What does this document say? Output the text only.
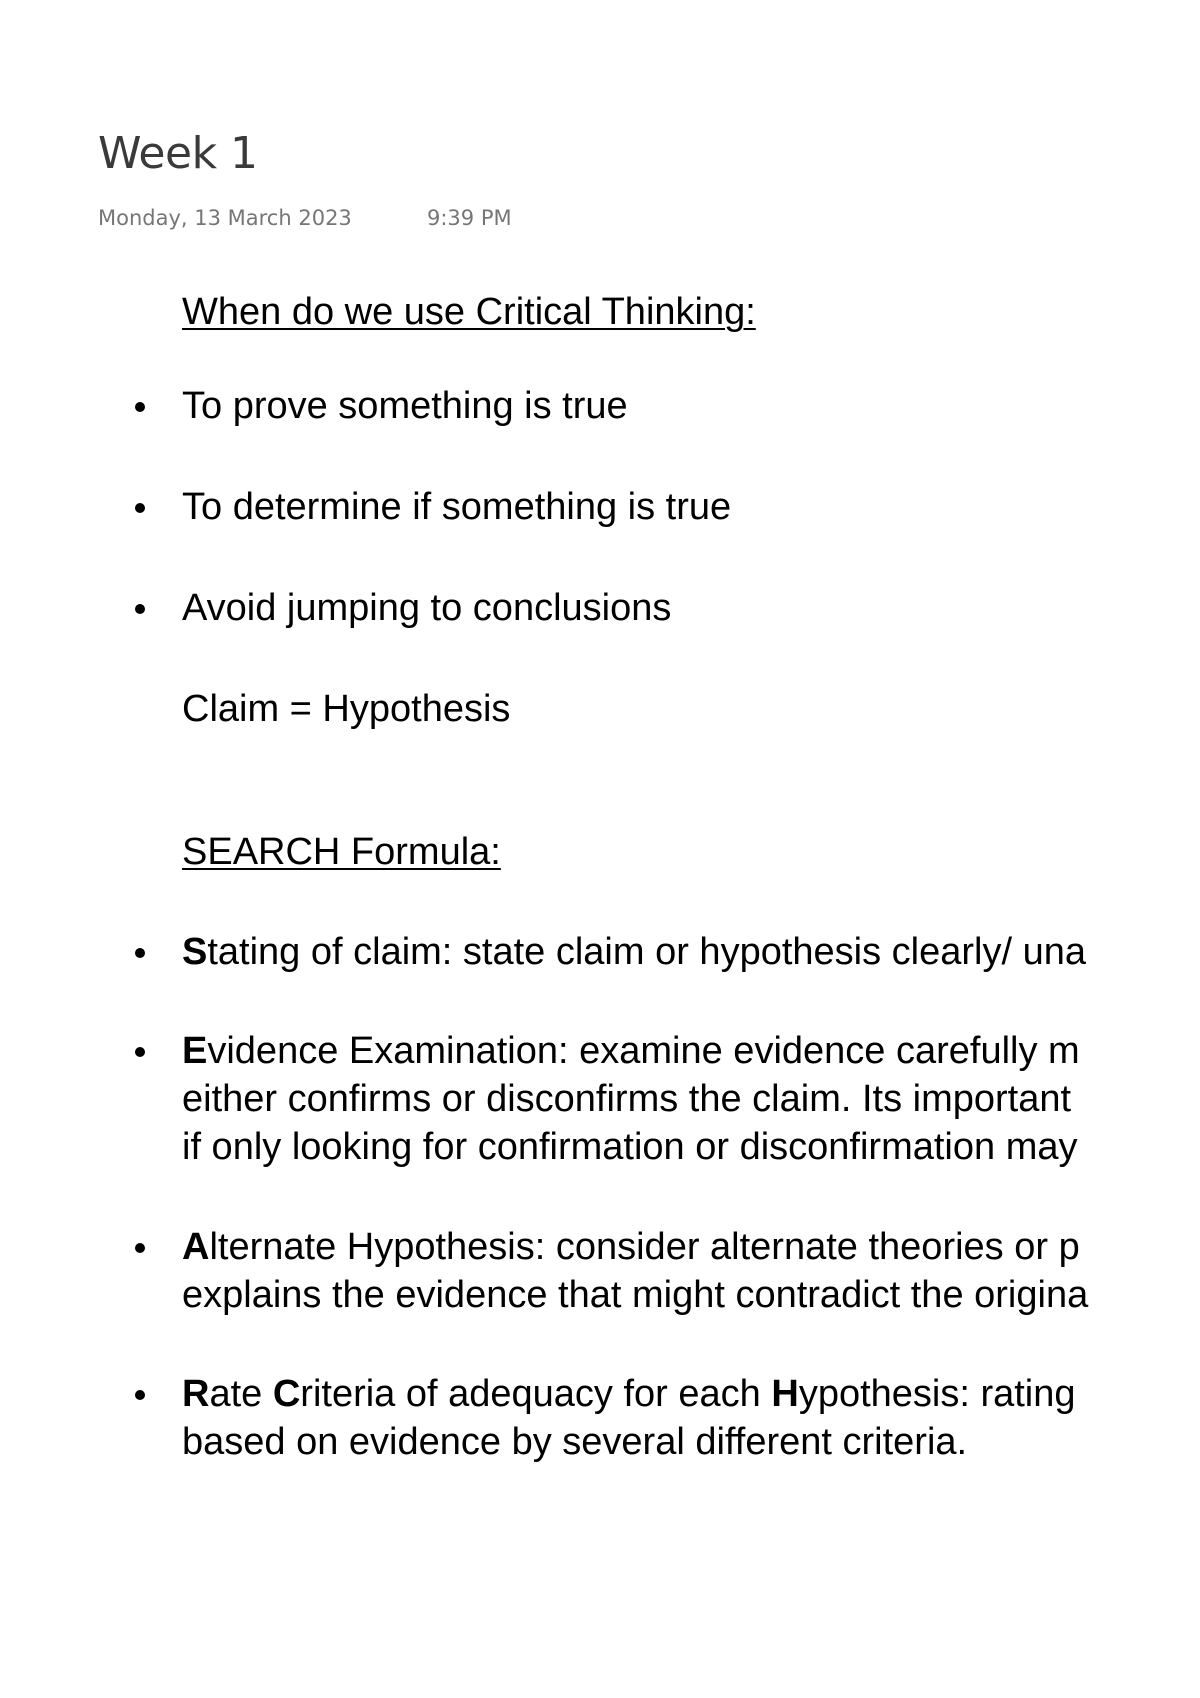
Week 1
Monday, 13 March 2023	9:39 PM
When do we use Critical Thinking:
To prove something is true
To determine if something is true
Avoid jumping to conclusions
Claim = Hypothesis
SEARCH Formula:
Stating of claim: state claim or hypothesis clearly/ una
Evidence Examination: examine evidence carefully m
either confirms or disconfirms the claim. Its important
if only looking for confirmation or disconfirmation may
Alternate Hypothesis: consider alternate theories or p
explains the evidence that might contradict the origina
Rate Criteria of adequacy for each Hypothesis: rating
based on evidence by several different criteria.
